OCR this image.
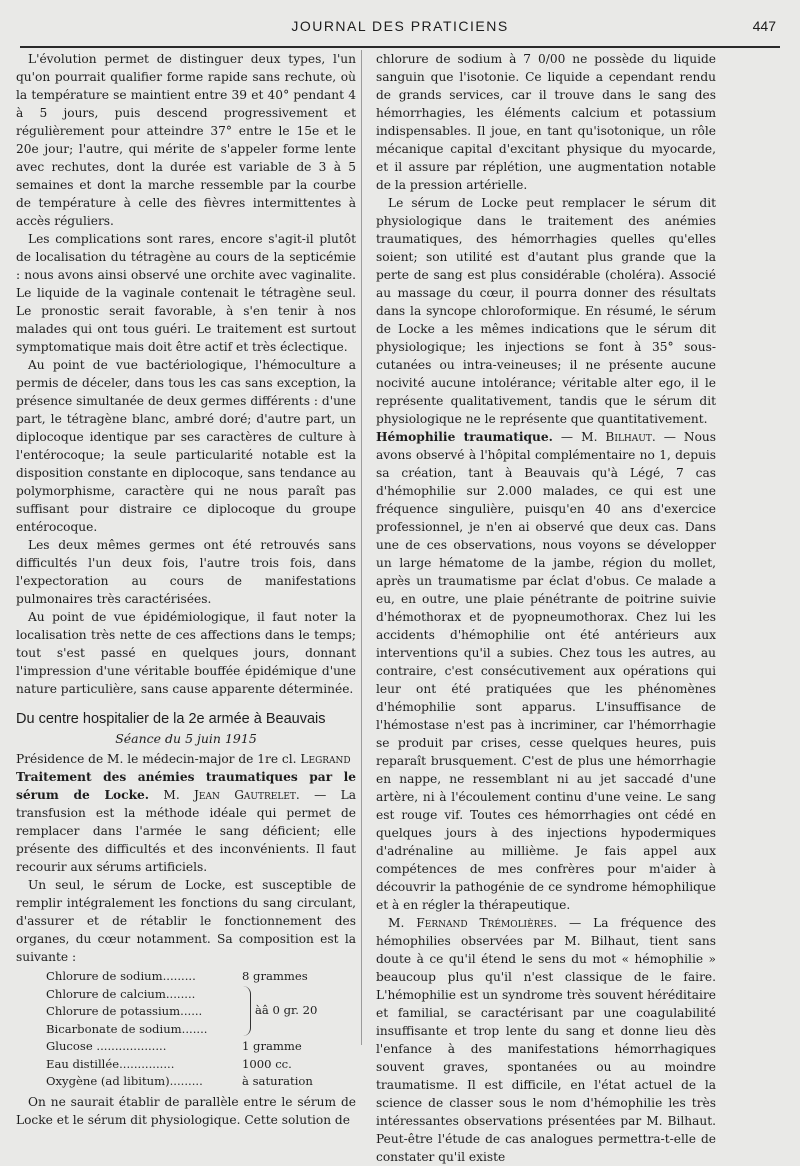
JOURNAL DES PRATICIENS	447

L'évolution permet de distinguer deux types, l'un qu'on pourrait qualifier forme rapide sans rechute, où la température se maintient entre 39 et 40° pendant 4 à 5 jours, puis descend progressivement et régulièrement pour atteindre 37° entre le 15e et le 20e jour; l'autre, qui mérite de s'appeler forme lente avec rechutes, dont la durée est variable de 3 à 5 semaines et dont la marche ressemble par la courbe de température à celle des fièvres intermittentes à accès réguliers.

Les complications sont rares, encore s'agit-il plutôt de localisation du tétragène au cours de la septicémie : nous avons ainsi observé une orchite avec vaginalite. Le liquide de la vaginale contenait le tétragène seul. Le pronostic serait favorable, à s'en tenir à nos malades qui ont tous guéri. Le traitement est surtout symptomatique mais doit être actif et très éclectique.

Au point de vue bactériologique, l'hémoculture a permis de déceler, dans tous les cas sans exception, la présence simultanée de deux germes différents : d'une part, le tétragène blanc, ambré doré; d'autre part, un diplocoque identique par ses caractères de culture à l'entérocoque; la seule particularité notable est la disposition constante en diplocoque, sans tendance au polymorphisme, caractère qui ne nous paraît pas suffisant pour distraire ce diplocoque du groupe entérocoque.

Les deux mêmes germes ont été retrouvés sans difficultés l'un deux fois, l'autre trois fois, dans l'expectoration au cours de manifestations pulmonaires très caractérisées.

Au point de vue épidémiologique, il faut noter la localisation très nette de ces affections dans le temps; tout s'est passé en quelques jours, donnant l'impression d'une véritable bouffée épidémique d'une nature particulière, sans cause apparente déterminée.

Du centre hospitalier de la 2e armée à Beauvais
Séance du 5 juin 1915

Présidence de M. le médecin-major de 1re cl. Legrand

Traitement des anémies traumatiques par le sérum de Locke. M. Jean Gautrelet. — La transfusion est la méthode idéale qui permet de remplacer dans l'armée le sang déficient; elle présente des difficultés et des inconvénients. Il faut recourir aux sérums artificiels.

Un seul, le sérum de Locke, est susceptible de remplir intégralement les fonctions du sang circulant, d'assurer et de rétablir le fonctionnement des organes, du cœur notamment. Sa composition est la suivante :

Chlorure de sodium.........	8 grammes
Chlorure de calcium........	àâ 0 gr. 20
Chlorure de potassium......	
Bicarbonate de sodium.......	
Glucose ...................	1 gramme
Eau distillée...............	1000 cc.
Oxygène (ad libitum).........	à saturation

On ne saurait établir de parallèle entre le sérum de Locke et le sérum dit physiologique. Cette solution de

chlorure de sodium à 7 0/00 ne possède du liquide sanguin que l'isotonie. Ce liquide a cependant rendu de grands services, car il trouve dans le sang des hémorrhagies, les éléments calcium et potassium indispensables. Il joue, en tant qu'isotonique, un rôle mécanique capital d'excitant physique du myocarde, et il assure par réplétion, une augmentation notable de la pression artérielle.

Le sérum de Locke peut remplacer le sérum dit physiologique dans le traitement des anémies traumatiques, des hémorrhagies quelles qu'elles soient; son utilité est d'autant plus grande que la perte de sang est plus considérable (choléra). Associé au massage du cœur, il pourra donner des résultats dans la syncope chloroformique. En résumé, le sérum de Locke a les mêmes indications que le sérum dit physiologique; les injections se font à 35° sous-cutanées ou intra-veineuses; il ne présente aucune nocivité aucune intolérance; véritable alter ego, il le représente qualitativement, tandis que le sérum dit physiologique ne le représente que quantitativement.

Hémophilie traumatique. — M. Bilhaut. — Nous avons observé à l'hôpital complémentaire no 1, depuis sa création, tant à Beauvais qu'à Légé, 7 cas d'hémophilie sur 2.000 malades, ce qui est une fréquence singulière, puisqu'en 40 ans d'exercice professionnel, je n'en ai observé que deux cas. Dans une de ces observations, nous voyons se développer un large hématome de la jambe, région du mollet, après un traumatisme par éclat d'obus. Ce malade a eu, en outre, une plaie pénétrante de poitrine suivie d'hémothorax et de pyopneumothorax. Chez lui les accidents d'hémophilie ont été antérieurs aux interventions qu'il a subies. Chez tous les autres, au contraire, c'est consécutivement aux opérations qui leur ont été pratiquées que les phénomènes d'hémophilie sont apparus. L'insuffisance de l'hémostase n'est pas à incriminer, car l'hémorrhagie se produit par crises, cesse quelques heures, puis reparaît brusquement. C'est de plus une hémorrhagie en nappe, ne ressemblant ni au jet saccadé d'une artère, ni à l'écoulement continu d'une veine. Le sang est rouge vif. Toutes ces hémorrhagies ont cédé en quelques jours à des injections hypodermiques d'adrénaline au millième. Je fais appel aux compétences de mes confrères pour m'aider à découvrir la pathogénie de ce syndrome hémophilique et à en régler la thérapeutique.

M. Fernand Trémolières. — La fréquence des hémophilies observées par M. Bilhaut, tient sans doute à ce qu'il étend le sens du mot « hémophilie » beaucoup plus qu'il n'est classique de le faire. L'hémophilie est un syndrome très souvent héréditaire et familial, se caractérisant par une coagulabilité insuffisante et trop lente du sang et donne lieu dès l'enfance à des manifestations hémorrhagiques souvent graves, spontanées ou au moindre traumatisme. Il est difficile, en l'état actuel de la science de classer sous le nom d'hémophilie les très intéressantes observations présentées par M. Bilhaut. Peut-être l'étude de cas analogues permettra-t-elle de constater qu'il existe
